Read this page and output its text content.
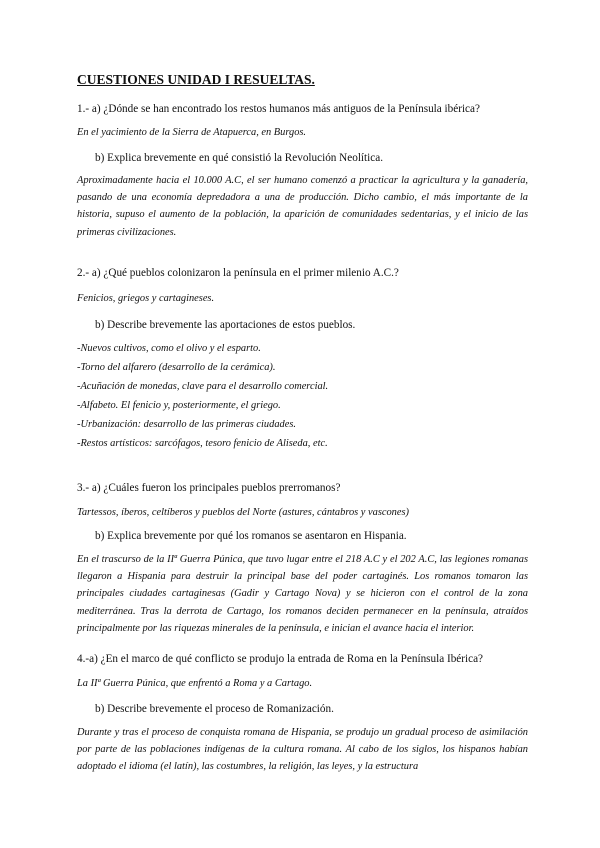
CUESTIONES UNIDAD I RESUELTAS.
1.- a) ¿Dónde se han encontrado los restos humanos más antiguos de la Península ibérica?
En el yacimiento de la Sierra de Atapuerca, en Burgos.
b) Explica brevemente en qué consistió la Revolución Neolítica.
Aproximadamente hacia el 10.000 A.C, el ser humano comenzó a practicar la agricultura y la ganadería, pasando de una economía depredadora a una de producción. Dicho cambio, el más importante de la historia, supuso el aumento de la población, la aparición de comunidades sedentarias, y el inicio de las primeras civilizaciones.
2.- a) ¿Qué pueblos colonizaron la península en el primer milenio A.C.?
Fenicios, griegos y cartagineses.
b) Describe brevemente las aportaciones de estos pueblos.
-Nuevos cultivos, como el olivo y el esparto.
-Torno del alfarero (desarrollo de la cerámica).
-Acuñación de monedas, clave para el desarrollo comercial.
-Alfabeto. El fenicio y, posteriormente, el griego.
-Urbanización: desarrollo de las primeras ciudades.
-Restos artísticos: sarcófagos, tesoro fenicio de Aliseda, etc.
3.- a) ¿Cuáles fueron los principales pueblos prerromanos?
Tartessos, íberos, celtíberos y pueblos del Norte (astures, cántabros y vascones)
b) Explica brevemente por qué los romanos se asentaron en Hispania.
En el trascurso de la IIª Guerra Púnica, que tuvo lugar entre el 218 A.C y el 202 A.C, las legiones romanas llegaron a Hispania para destruir la principal base del poder cartaginés. Los romanos tomaron las principales ciudades cartaginesas (Gadir y Cartago Nova) y se hicieron con el control de la zona mediterránea. Tras la derrota de Cartago, los romanos deciden permanecer en la península, atraídos principalmente por las riquezas minerales de la península, e inician el avance hacia el interior.
4.-a) ¿En el marco de qué conflicto se produjo la entrada de Roma en la Península Ibérica?
La IIª Guerra Púnica, que enfrentó a Roma y a Cartago.
b) Describe brevemente el proceso de Romanización.
Durante y tras el proceso de conquista romana de Hispania, se produjo un gradual proceso de asimilación por parte de las poblaciones indígenas de la cultura romana. Al cabo de los siglos, los hispanos habían adoptado el idioma (el latín), las costumbres, la religión, las leyes, y la estructura
